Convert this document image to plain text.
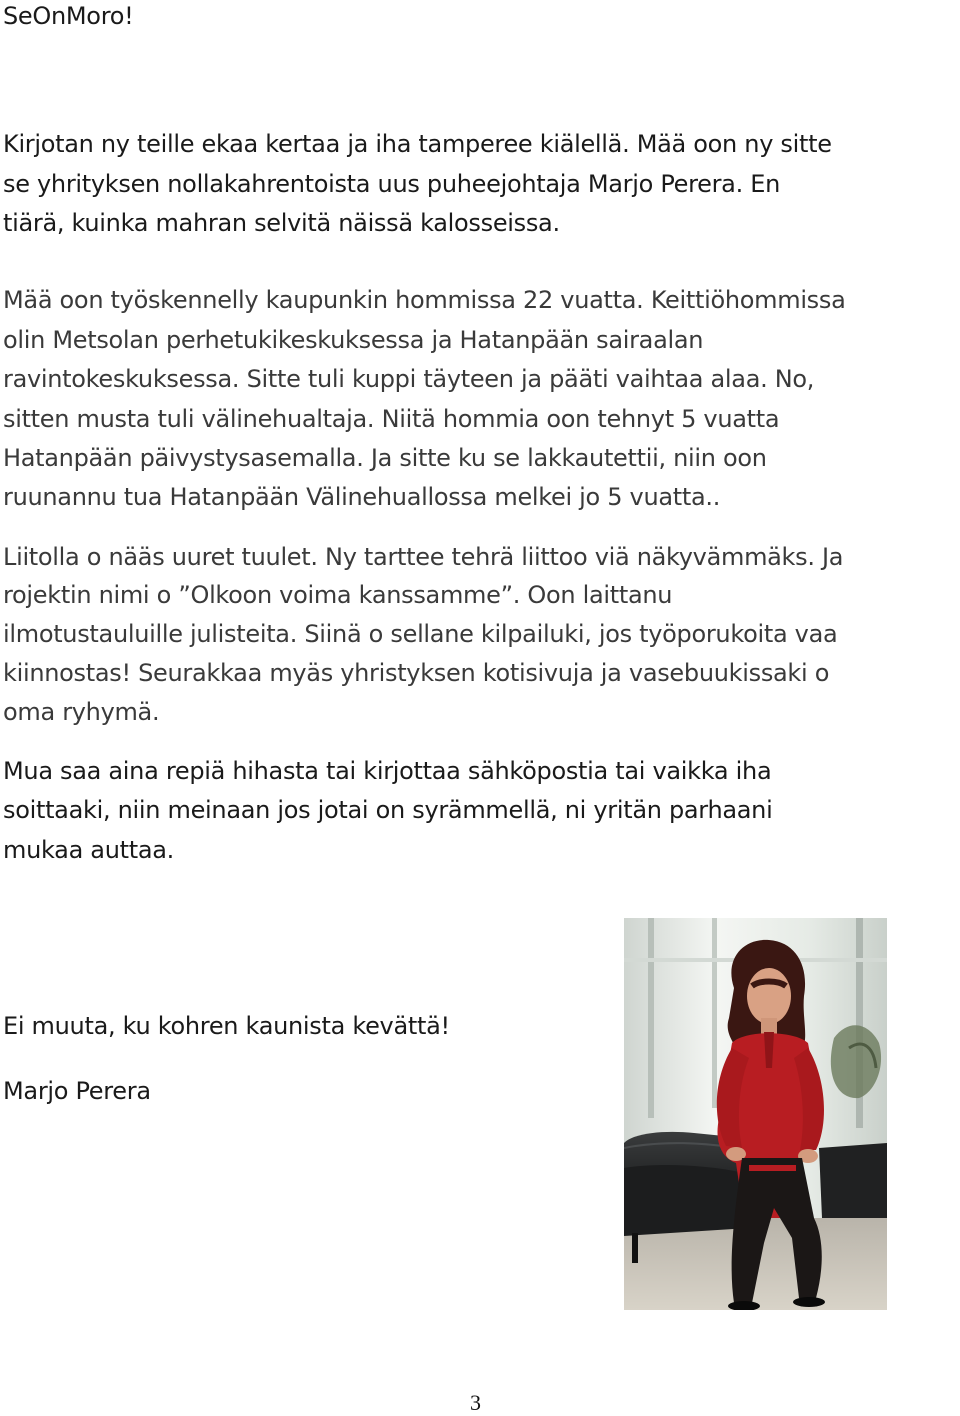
SeOnMoro!

Kirjotan ny teille ekaa kertaa ja iha tamperee kiälellä. Mää oon ny sitte

se yhrityksen nollakahrentoista uus puheejohtaja Marjo Perera. En

tiärä, kuinka mahran selvitä näissä kalosseissa.

Mää oon työskennelly kaupunkin hommissa 22 vuatta. Keittiöhommissa

olin Metsolan perhetukikeskuksessa ja Hatanpään sairaalan

ravintokeskuksessa. Sitte tuli kuppi täyteen ja pääti vaihtaa alaa. No,

sitten musta tuli välinehualtaja. Niitä hommia oon tehnyt 5 vuatta

Hatanpään päivystysasemalla. Ja sitte ku se lakkautettii, niin oon

ruunannu tua Hatanpään Välinehuallossa melkei jo 5 vuatta..

Liitolla o nääs uuret tuulet. Ny tarttee tehrä liittoo viä näkyvämmäks. Ja

rojektin nimi o ”Olkoon voima kanssamme”. Oon laittanu

ilmotustauluille julisteita. Siinä o sellane kilpailuki, jos työporukoita vaa

kiinnostas! Seurakkaa myäs yhristyksen kotisivuja ja vasebuukissaki o

oma ryhymä.

Mua saa aina repiä hihasta tai kirjottaa sähköpostia tai vaikka iha

soittaaki, niin meinaan jos jotai on syrämmellä, ni yritän parhaani

mukaa auttaa.

Ei muuta, ku kohren kaunista kevättä!

Marjo Perera

3
